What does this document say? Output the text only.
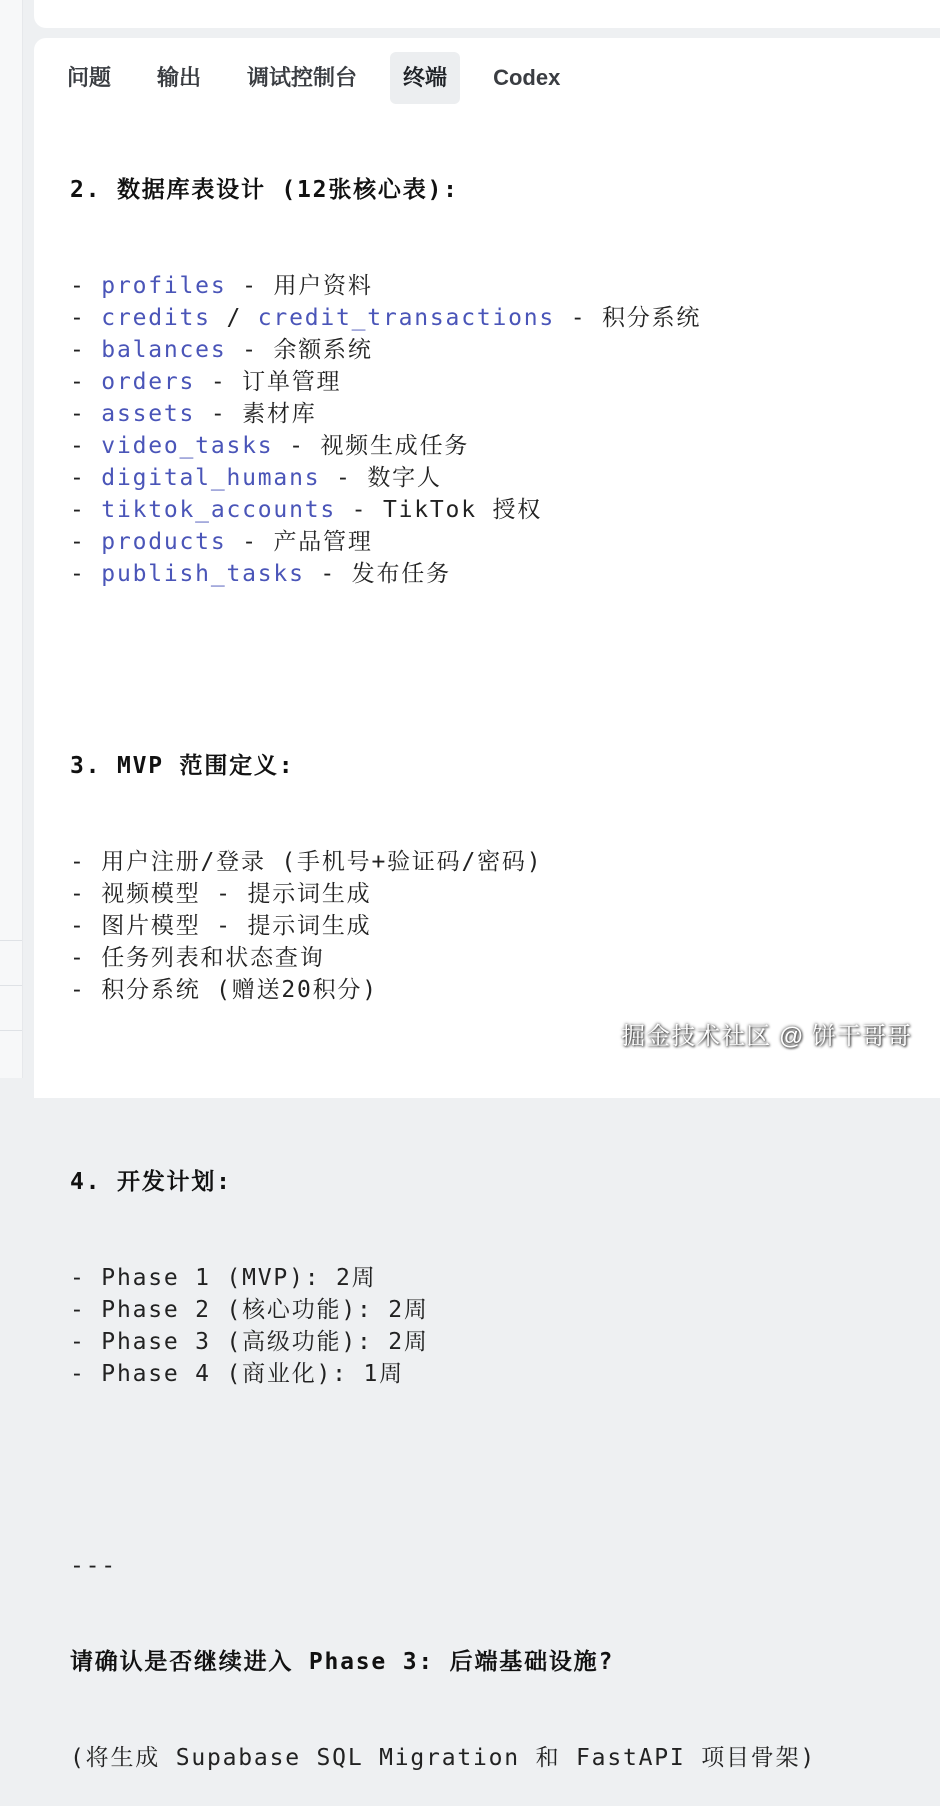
问题	输出	调试控制台	终端	Codex

2. 数据库表设计 (12张核心表):

- profiles - 用户资料
- credits / credit_transactions - 积分系统
- balances - 余额系统
- orders - 订单管理
- assets - 素材库
- video_tasks - 视频生成任务
- digital_humans - 数字人
- tiktok_accounts - TikTok 授权
- products - 产品管理
- publish_tasks - 发布任务

3. MVP 范围定义:

- 用户注册/登录 (手机号+验证码/密码)
- 视频模型 - 提示词生成
- 图片模型 - 提示词生成
- 任务列表和状态查询
- 积分系统 (赠送20积分)

4. 开发计划:

- Phase 1 (MVP): 2周
- Phase 2 (核心功能): 2周
- Phase 3 (高级功能): 2周
- Phase 4 (商业化): 1周

---

请确认是否继续进入 Phase 3: 后端基础设施?

(将生成 Supabase SQL Migration 和 FastAPI 项目骨架)

掘金技术社区 @ 饼干哥哥
